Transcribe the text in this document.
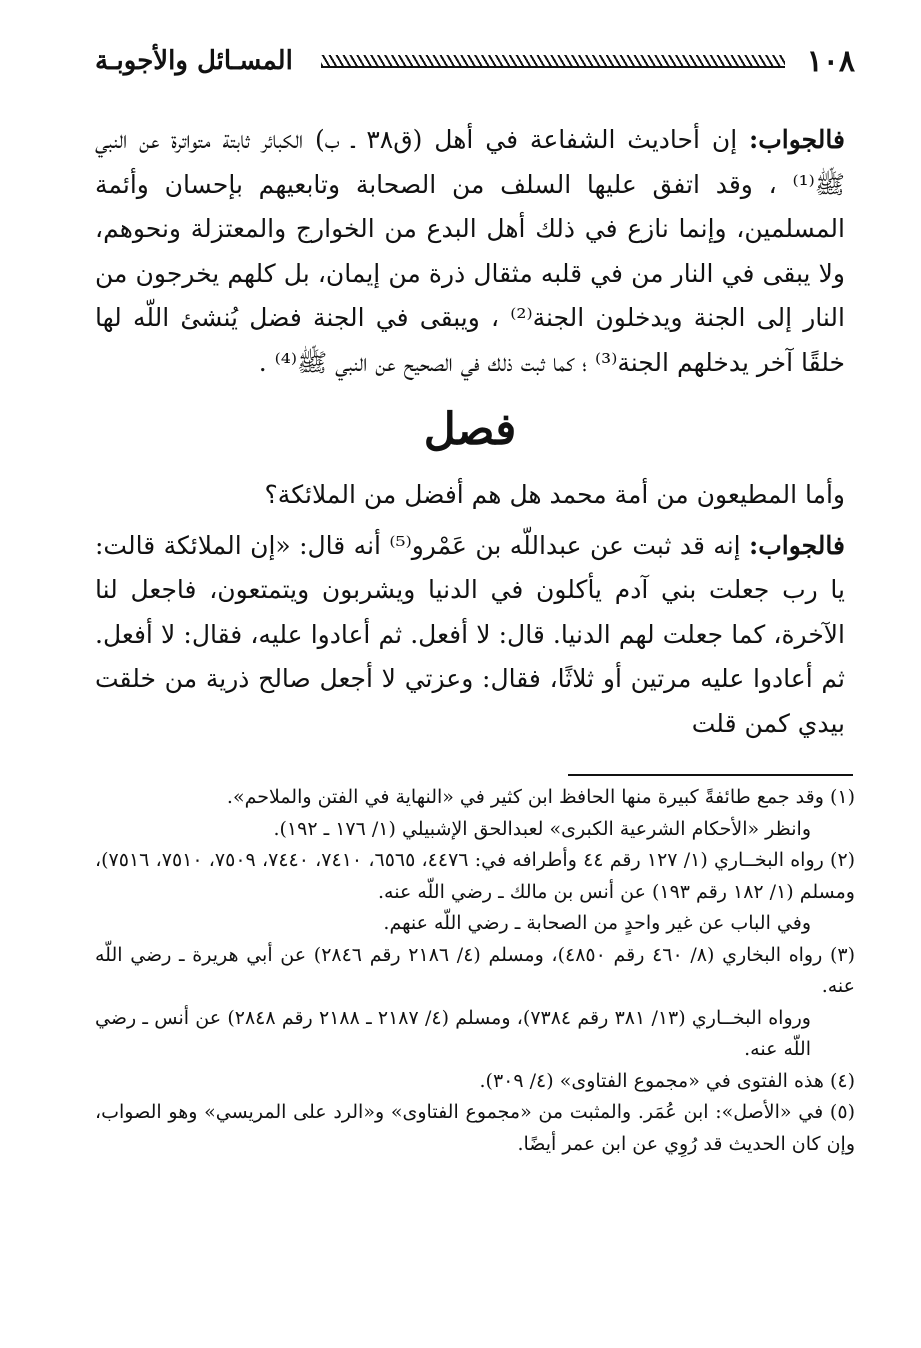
١٠٨
المسـائل والأجوبـة

فالجواب: إن أحاديث الشفاعة في أهل (ق٣٨ ـ ب) الكبائر ثابتة متواترة عن النبي ﷺ⁽¹⁾ ، وقد اتفق عليها السلف من الصحابة وتابعيهم بإحسان وأئمة المسلمين، وإنما نازع في ذلك أهل البدع من الخوارج والمعتزلة ونحوهم، ولا يبقى في النار من في قلبه مثقال ذرة من إيمان، بل كلهم يخرجون من النار إلى الجنة ويدخلون الجنة⁽²⁾ ، ويبقى في الجنة فضل يُنشئ اللّه لها خلقًا آخر يدخلهم الجنة⁽³⁾ ؛ كما ثبت ذلك في الصحيح عن النبي ﷺ⁽⁴⁾ .

فصل

وأما المطيعون من أمة محمد هل هم أفضل من الملائكة؟

فالجواب: إنه قد ثبت عن عبداللّه بن عَمْرو⁽⁵⁾ أنه قال: «إن الملائكة قالت: يا رب جعلت بني آدم يأكلون في الدنيا ويشربون ويتمتعون، فاجعل لنا الآخرة، كما جعلت لهم الدنيا. قال: لا أفعل. ثم أعادوا عليه، فقال: لا أفعل. ثم أعادوا عليه مرتين أو ثلاثًا، فقال: وعزتي لا أجعل صالح ذرية من خلقت بيدي كمن قلت

(١) وقد جمع طائفةً كبيرة منها الحافظ ابن كثير في «النهاية في الفتن والملاحم».

وانظر «الأحكام الشرعية الكبرى» لعبدالحق الإشبيلي (١/ ١٧٦ ـ ١٩٢).

(٢) رواه البخــاري (١/ ١٢٧ رقم ٤٤ وأطرافه في: ٤٤٧٦، ٦٥٦٥، ٧٤١٠، ٧٤٤٠، ٧٥٠٩، ٧٥١٠، ٧٥١٦)، ومسلم (١/ ١٨٢ رقم ١٩٣) عن أنس بن مالك ـ رضي اللّه عنه.

وفي الباب عن غير واحدٍ من الصحابة ـ رضي اللّه عنهم.

(٣) رواه البخاري (٨/ ٤٦٠ رقم ٤٨٥٠)، ومسلم (٤/ ٢١٨٦ رقم ٢٨٤٦) عن أبي هريرة ـ رضي اللّه عنه.

ورواه البخــاري (١٣/ ٣٨١ رقم ٧٣٨٤)، ومسلم (٤/ ٢١٨٧ ـ ٢١٨٨ رقم ٢٨٤٨) عن أنس ـ رضي اللّه عنه.

(٤) هذه الفتوى في «مجموع الفتاوى» (٤/ ٣٠٩).

(٥) في «الأصل»: ابن عُمَر. والمثبت من «مجموع الفتاوى» و«الرد على المريسي» وهو الصواب، وإن كان الحديث قد رُوِي عن ابن عمر أيضًا.
